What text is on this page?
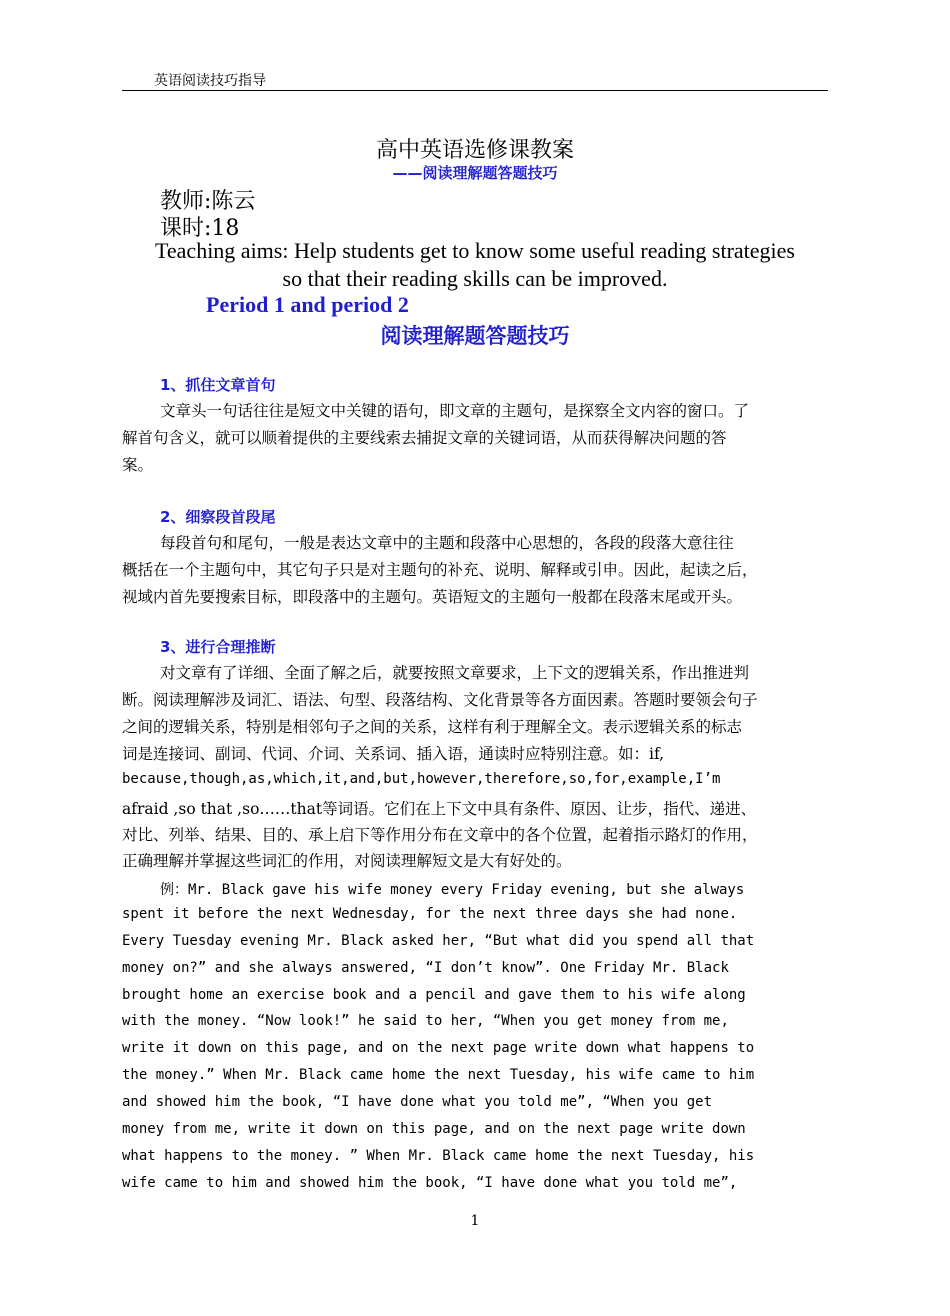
英语阅读技巧指导
高中英语选修课教案
——阅读理解题答题技巧
教师:陈云
课时:18
Teaching aims: Help students get to know some useful reading strategies
so that their reading skills can be improved.
Period 1 and period 2
阅读理解题答题技巧
1、抓住文章首句
文章头一句话往往是短文中关键的语句，即文章的主题句，是探察全文内容的窗口。了
解首句含义，就可以顺着提供的主要线索去捕捉文章的关键词语，从而获得解决问题的答
案。
2、细察段首段尾
每段首句和尾句，一般是表达文章中的主题和段落中心思想的，各段的段落大意往往
概括在一个主题句中，其它句子只是对主题句的补充、说明、解释或引申。因此，起读之后，
视域内首先要搜索目标，即段落中的主题句。英语短文的主题句一般都在段落末尾或开头。
3、进行合理推断
对文章有了详细、全面了解之后，就要按照文章要求，上下文的逻辑关系，作出推进判
断。阅读理解涉及词汇、语法、句型、段落结构、文化背景等各方面因素。答题时要领会句子
之间的逻辑关系，特别是相邻句子之间的关系，这样有利于理解全文。表示逻辑关系的标志
词是连接词、副词、代词、介词、关系词、插入语，通读时应特别注意。如：if,
because,though,as,which,it,and,but,however,therefore,so,for,example,I’m
afraid ,so that ,so……that等词语。它们在上下文中具有条件、原因、让步，指代、递进、
对比、列举、结果、目的、承上启下等作用分布在文章中的各个位置，起着指示路灯的作用，
正确理解并掌握这些词汇的作用，对阅读理解短文是大有好处的。
例：Mr. Black gave his wife money every Friday evening, but she always
spent it before the next Wednesday, for the next three days she had none.
Every Tuesday evening Mr. Black asked her, “But what did you spend all that
money on?” and she always answered, “I don’t know”. One Friday Mr. Black
brought home an exercise book and a pencil and gave them to his wife along
with the money. “Now look!” he said to her, “When you get money from me,
write it down on this page, and on the next page write down what happens to
the money.” When Mr. Black came home the next Tuesday, his wife came to him
and showed him the book, “I have done what you told me”, “When you get
money from me, write it down on this page, and on the next page write down
what happens to the money. ” When Mr. Black came home the next Tuesday, his
wife came to him and showed him the book, “I have done what you told me”,
1
